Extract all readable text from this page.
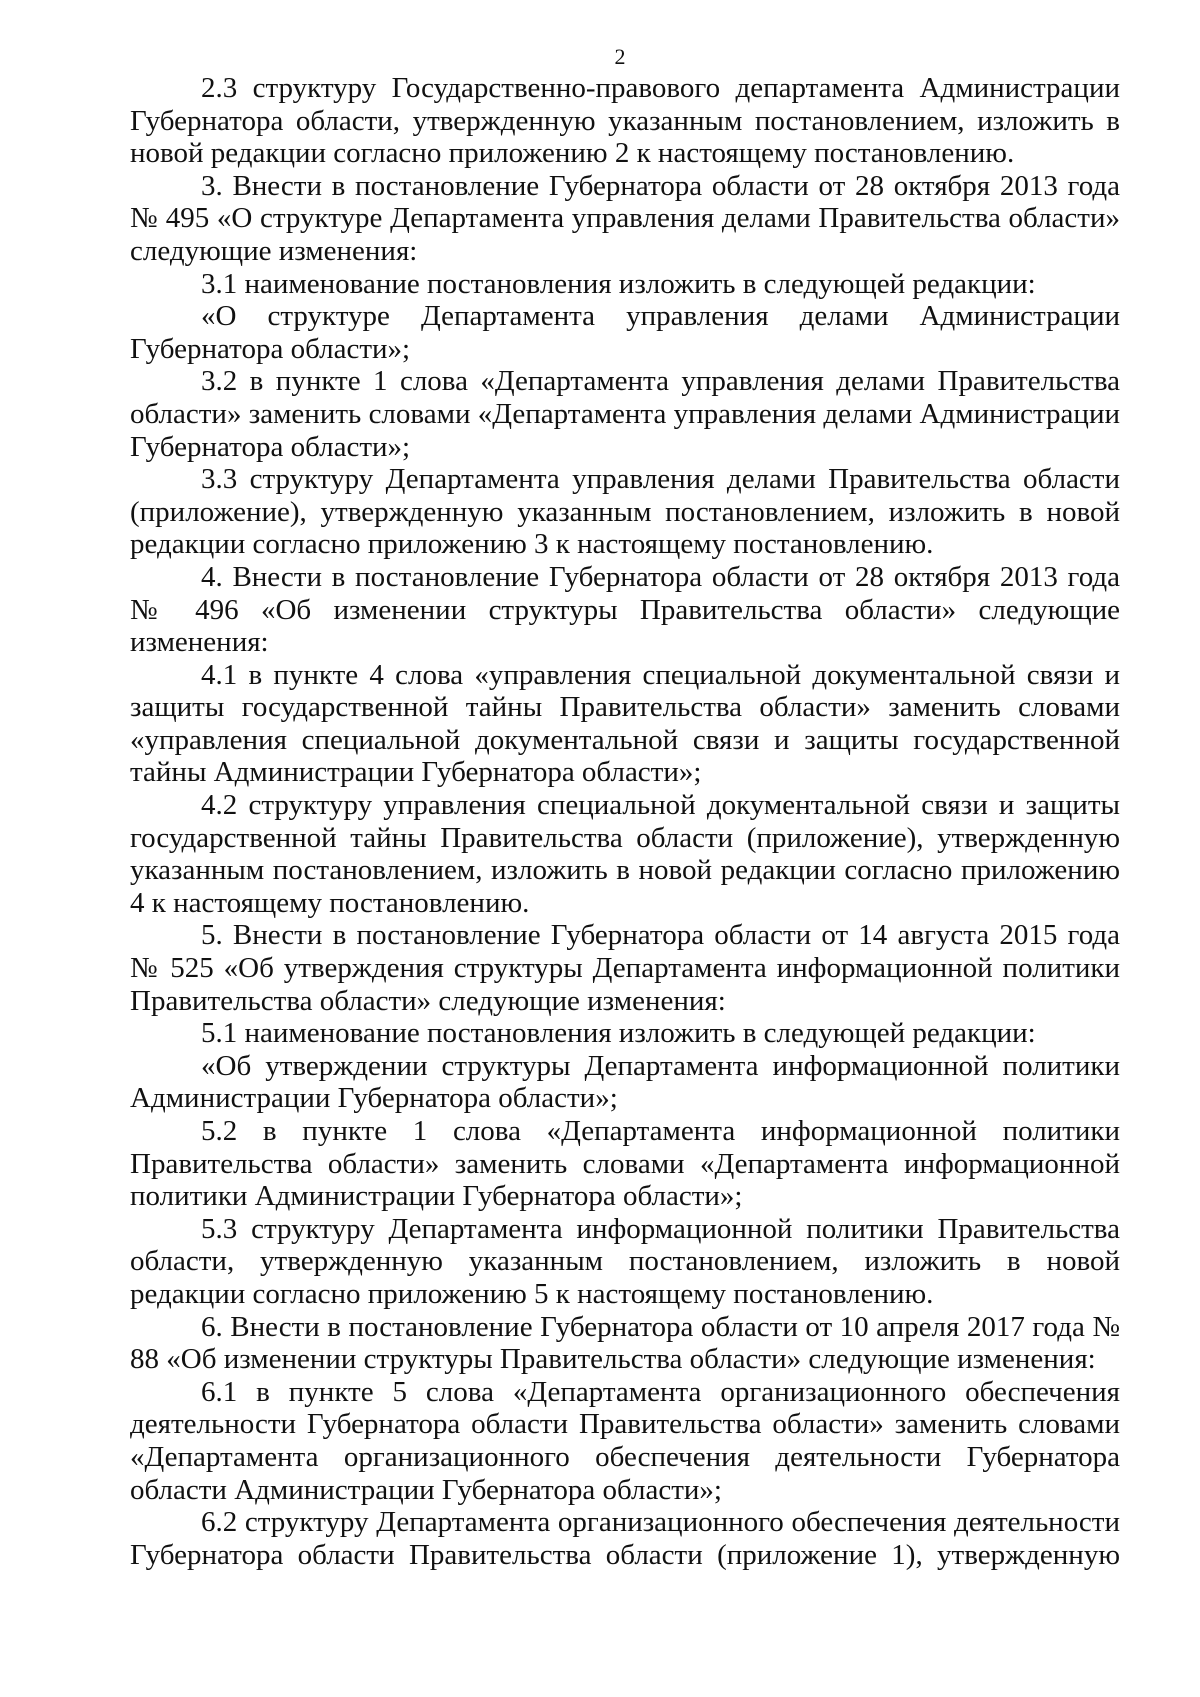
2

2.3 структуру Государственно-правового департамента Администрации Губернатора области, утвержденную указанным постановлением, изложить в новой редакции согласно приложению 2 к настоящему постановлению.

3. Внести в постановление Губернатора области от 28 октября 2013 года № 495 «О структуре Департамента управления делами Правительства области» следующие изменения:

3.1 наименование постановления изложить в следующей редакции:

«О структуре Департамента управления делами Администрации Губернатора области»;

3.2 в пункте 1 слова «Департамента управления делами Правительства области» заменить словами «Департамента управления делами Администрации Губернатора области»;

3.3 структуру Департамента управления делами Правительства области (приложение), утвержденную указанным постановлением, изложить в новой редакции согласно приложению 3 к настоящему постановлению.

4. Внести в постановление Губернатора области от 28 октября 2013 года № 496 «Об изменении структуры Правительства области» следующие изменения:

4.1 в пункте 4 слова «управления специальной документальной связи и защиты государственной тайны Правительства области» заменить словами «управления специальной документальной связи и защиты государственной тайны Администрации Губернатора области»;

4.2 структуру управления специальной документальной связи и защиты государственной тайны Правительства области (приложение), утвержденную указанным постановлением, изложить в новой редакции согласно приложению 4 к настоящему постановлению.

5. Внести в постановление Губернатора области от 14 августа 2015 года № 525 «Об утверждения структуры Департамента информационной политики Правительства области» следующие изменения:

5.1 наименование постановления изложить в следующей редакции:

«Об утверждении структуры Департамента информационной политики Администрации Губернатора области»;

5.2 в пункте 1 слова «Департамента информационной политики Правительства области» заменить словами «Департамента информационной политики Администрации Губернатора области»;

5.3 структуру Департамента информационной политики Правительства области, утвержденную указанным постановлением, изложить в новой редакции согласно приложению 5 к настоящему постановлению.

6. Внести в постановление Губернатора области от 10 апреля 2017 года № 88 «Об изменении структуры Правительства области» следующие изменения:

6.1 в пункте 5 слова «Департамента организационного обеспечения деятельности Губернатора области Правительства области» заменить словами «Департамента организационного обеспечения деятельности Губернатора области Администрации Губернатора области»;

6.2 структуру Департамента организационного обеспечения деятельности Губернатора области Правительства области (приложение 1), утвержденную
